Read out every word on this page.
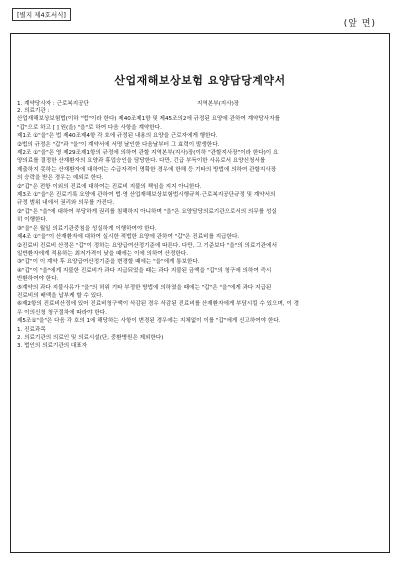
[별지 제4호서식]
(앞 면)
산업재해보상보험 요양담당계약서
1. 계약당사자 : 근로복지공단	지역본부(지사)장

2. 의료기관 :

산업재해보상보험법(이하 "법"이라 한다) 제40조제1항 및 제45조의2에 규정된 요양에 관하여 계약당사자를

"갑"으로 하고 [ ] 원(을) "을"로 하여 다음 사항을 계약한다.

제1조 ①"을"은 법 제40조제4항 각 호에 규정된 내용의 요양을 근로자에게 행한다.

②법의 규정은 "갑"과 "을"이 계약서에 서명 날인한 다음날부터 그 효력이 발생한다.

제2조 ①"을"은 영 제29조제1항의 규정에 의하여 관할 지역본부(지사)장(이하 "관할지사장"이라 한다)이 요

양의료를 결정한 산재환자의 요양과 휴업승인을 담당한다. 다만, 긴급 부득이한 사유로서 요양신청서를

제출하지 못하는 산재환자에 대하여는 수급자격이 명확한 경우에 한해 등 기타의 방법에 의하여 관할지사장

의 승락을 받은 경우는 예외로 한다.

②"갑"은 전항 이외의 진료에 대하여는 진료비 지불의 책임을 지지 아니한다.

제3조 ①"을"은 진료기록 요양에 관하여 법·영 산업재해보상보험법시행규칙·근로복지공단규정 및 계약서의

규정 범위 내에서 권리와 의무를 가진다.

②"갑"은 "을"에 대하여 부당하게 권리를 침해하지 아니하며 "을"은 요양담당의료기관으로서의 의무를 성실

히 이행한다.

③"을"은 월일 의료기관중침을 성실하게 이행하여야 한다.

제4조 ①"을"이 산재환자에 대하여 실시한 적법한 요양에 관하여 "갑"은 진료비를 지급한다.

②진료비 진료비 산정은 "갑"이 정하는 요양급여산정기준에 따른다. 다만, 그 기준보다 "을"의 의료기관에서

일반환자에게 적용하는 최저가격이 낮을 때에는 이에 의하여 산정한다.

③"갑"이 이 계약 후 요양급여산정기준을 변경할 때에는 "을"에게 통보한다.

④"갑"이 "을"에게 지불한 진료비가 과다 지급되었을 때는 과다 지불된 금액을 "갑"의 청구에 의하여 즉시

반환하여야 한다.

⑤계약의 과다 지불사유가 "을"의 허위 기타 부정한 방법에 의하였을 때에는 "갑"은 "을"에게 과다 지급된

진료비의 배액을 납부케 할 수 있다.

⑥제2항의 진료비산정에 있어 진료비청구액이 삭감된 경우 삭감된 진료비를 산재환자에게 부담시킬 수 있으며, 이 경

우 이의신청 청구절차에 따라야 한다.

제5조①"을"은 다음 각 호의 1에 해당하는 사항이 변경된 경우에는 지체없이 이를 "갑"에게 신고하여야 한다.

1. 진료과목

2. 의료기관의 의료인 및 의료시설(단, 중환병원은 제외한다)

3. 법인의 의료기관의 대표자
